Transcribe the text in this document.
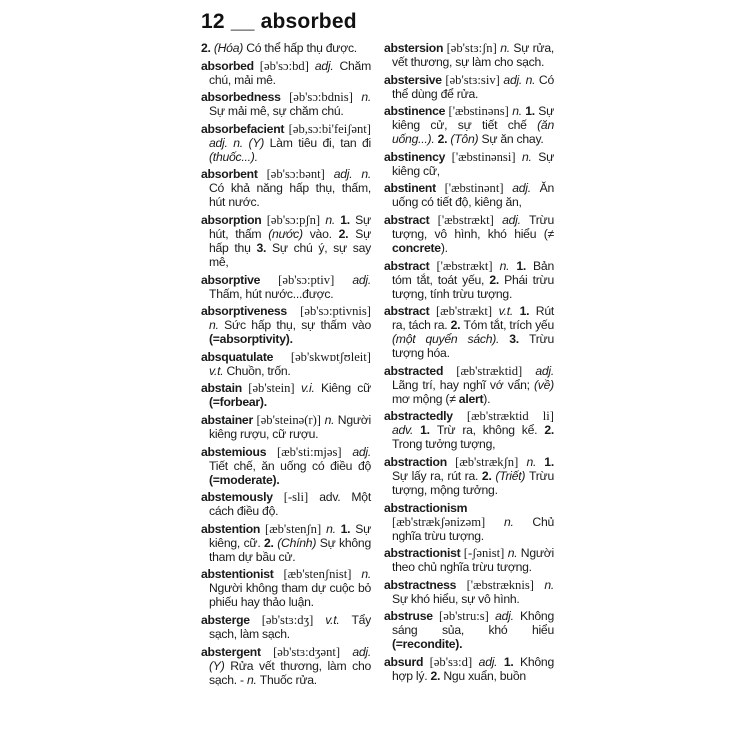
12 __ absorbed
2. (Hóa) Có thể hấp thụ được.
absorbed [əb'sɔ:bd] adj. Chăm chú, mải mê.
absorbedness [əb'sɔ:bdnis] n. Sự mải mê, sự chăm chú.
absorbefacient [əb,sɔ:bi'feiʃənt] adj. n. (Y) Làm tiêu đi, tan đi (thuốc...).
absorbent [əb'sɔ:bənt] adj. n. Có khả năng hấp thụ, thấm, hút nước.
absorption [əb'sɔ:pʃn] n. 1. Sự hút, thấm (nước) vào. 2. Sự hấp thụ 3. Sự chú ý, sự say mê,
absorptive [əb'sɔ:ptiv] adj. Thấm, hút nước...được.
absorptiveness [əb'sɔ:ptivnis] n. Sức hấp thụ, sự thấm vào (=absorptivity).
absquatulate [əb'skwɒtʃʊleit] v.t. Chuồn, trốn.
abstain [əb'stein] v.i. Kiêng cữ (=forbear).
abstainer [əb'steinə(r)] n. Người kiêng rượu, cữ rượu.
abstemious [æb'sti:mjəs] adj. Tiết chế, ăn uống có điều độ (=moderate).
abstemously [-sli] adv. Một cách điều độ.
abstention [æb'stenʃn] n. 1. Sự kiêng, cữ. 2. (Chính) Sự không tham dự bầu cử.
abstentionist [æb'stenʃnist] n. Người không tham dự cuộc bỏ phiếu hay thảo luận.
absterge [əb'stɜ:dʒ] v.t. Tẩy sạch, làm sạch.
abstergent [əb'stɜ:dʒənt] adj. (Y) Rửa vết thương, làm cho sạch. - n. Thuốc rửa.
abstersion [əb'stɜ:ʃn] n. Sự rửa, vết thương, sự làm cho sạch.
abstersive [əb'stɜ:siv] adj. n. Có thể dùng để rửa.
abstinence ['æbstinəns] n. 1. Sự kiêng cử, sự tiết chế (ăn uống...). 2. (Tôn) Sự ăn chay.
abstinency ['æbstinənsi] n. Sự kiêng cữ,
abstinent ['æbstinənt] adj. Ăn uống có tiết độ, kiêng ăn,
abstract ['æbstrækt] adj. Trừu tượng, vô hình, khó hiểu (≠ concrete).
abstract ['æbstrækt] n. 1. Bản tóm tắt, toát yếu, 2. Phái trừu tượng, tính trừu tượng.
abstract [æb'strækt] v.t. 1. Rút ra, tách ra. 2. Tóm tắt, trích yếu (một quyển sách). 3. Trừu tượng hóa.
abstracted [æb'stræktid] adj. Lãng trí, hay nghĩ vớ vẩn; (về) mơ mộng (≠ alert).
abstractedly [æb'stræktid li] adv. 1. Trừ ra, không kể. 2. Trong tưởng tượng,
abstraction [æb'strækʃn] n. 1. Sự lấy ra, rút ra. 2. (Triết) Trừu tượng, mộng tưởng.
abstractionism [æb'strækʃənizəm] n. Chủ nghĩa trừu tượng.
abstractionist [-ʃənist] n. Người theo chủ nghĩa trừu tượng.
abstractness ['æbstræknis] n. Sự khó hiểu, sự vô hình.
abstruse [əb'stru:s] adj. Không sáng sủa, khó hiểu (=recondite).
absurd [əb'sɜ:d] adj. 1. Không hợp lý. 2. Ngu xuẩn, buồn
